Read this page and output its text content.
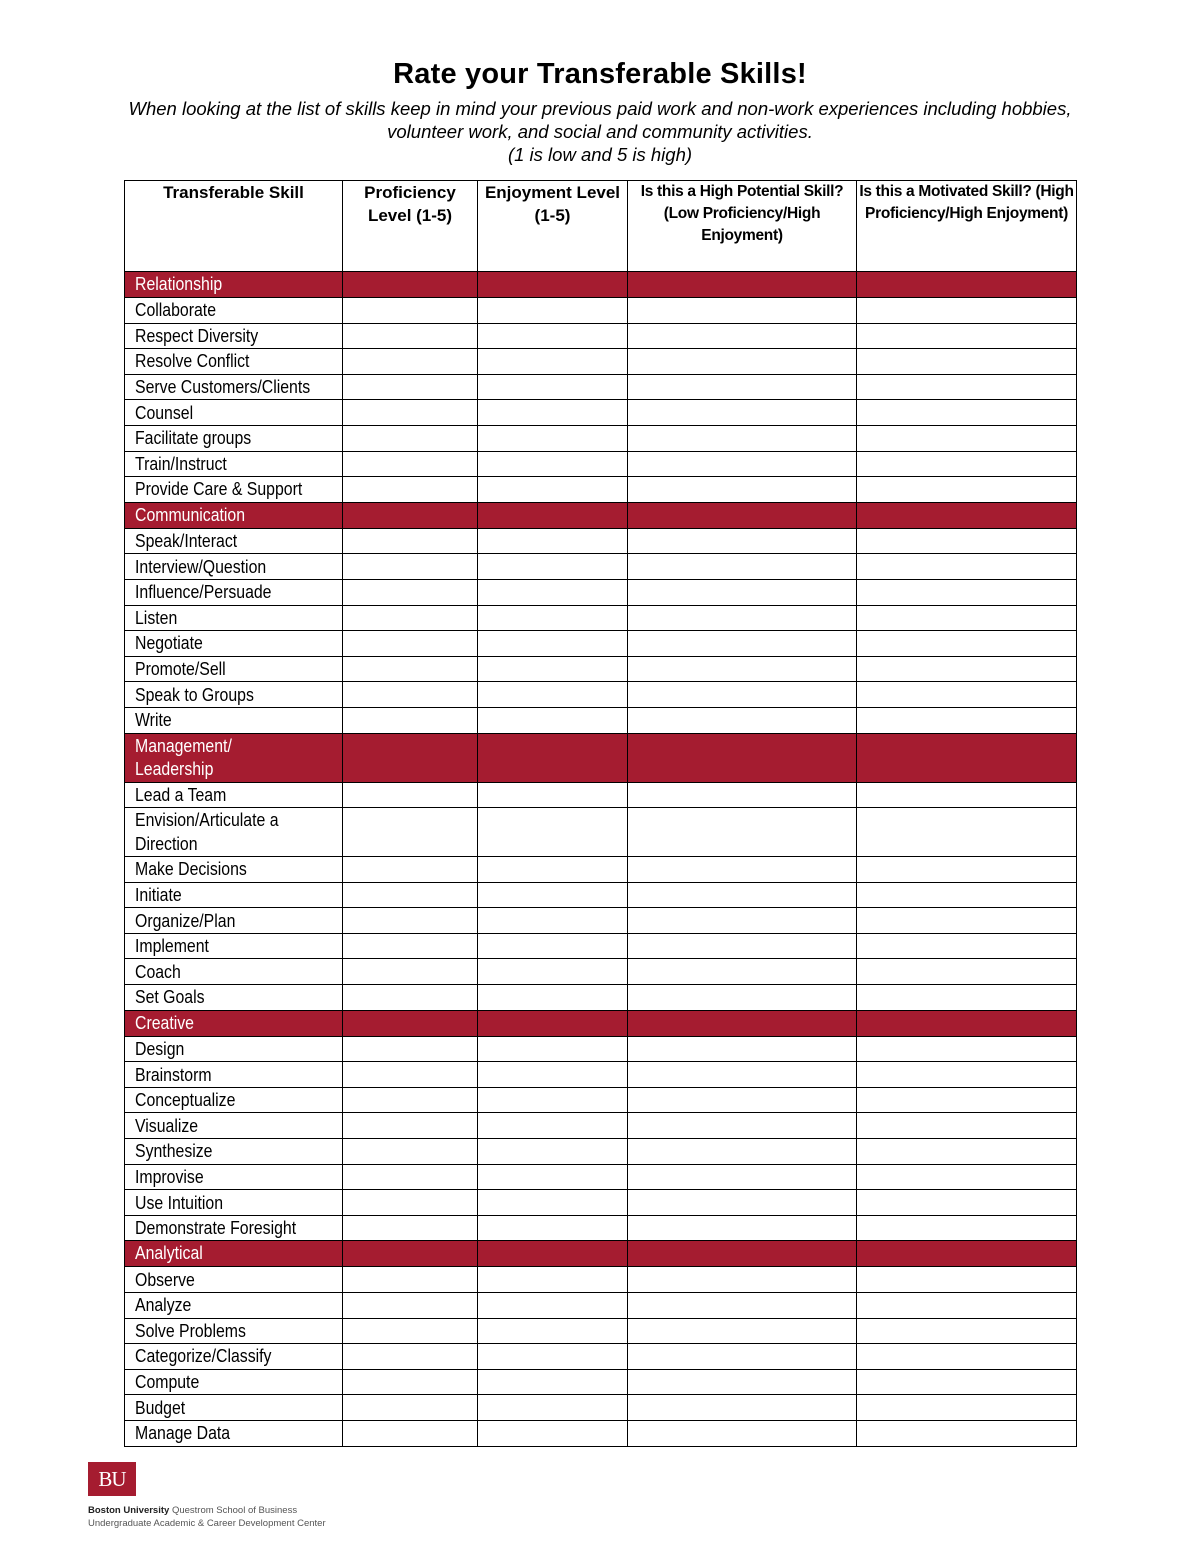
Rate your Transferable Skills!
When looking at the list of skills keep in mind your previous paid work and non-work experiences including hobbies,
volunteer work, and social and community activities.
(1 is low and 5 is high)
Transferable Skill	Proficiency Level (1-5)	Enjoyment Level (1-5)	Is this a High Potential Skill? (Low Proficiency/High Enjoyment)	Is this a Motivated Skill? (High Proficiency/High Enjoyment)
Relationship				
Collaborate				
Respect Diversity				
Resolve Conflict				
Serve Customers/Clients				
Counsel				
Facilitate groups				
Train/Instruct				
Provide Care & Support				
Communication				
Speak/Interact				
Interview/Question				
Influence/Persuade				
Listen				
Negotiate				
Promote/Sell				
Speak to Groups				
Write				
Management/ Leadership				
Lead a Team				
Envision/Articulate a Direction				
Make Decisions				
Initiate				
Organize/Plan				
Implement				
Coach				
Set Goals				
Creative				
Design				
Brainstorm				
Conceptualize				
Visualize				
Synthesize				
Improvise				
Use Intuition				
Demonstrate Foresight				
Analytical				
Observe				
Analyze				
Solve Problems				
Categorize/Classify				
Compute				
Budget				
Manage Data				
BU
Boston University Questrom School of Business
Undergraduate Academic & Career Development Center
